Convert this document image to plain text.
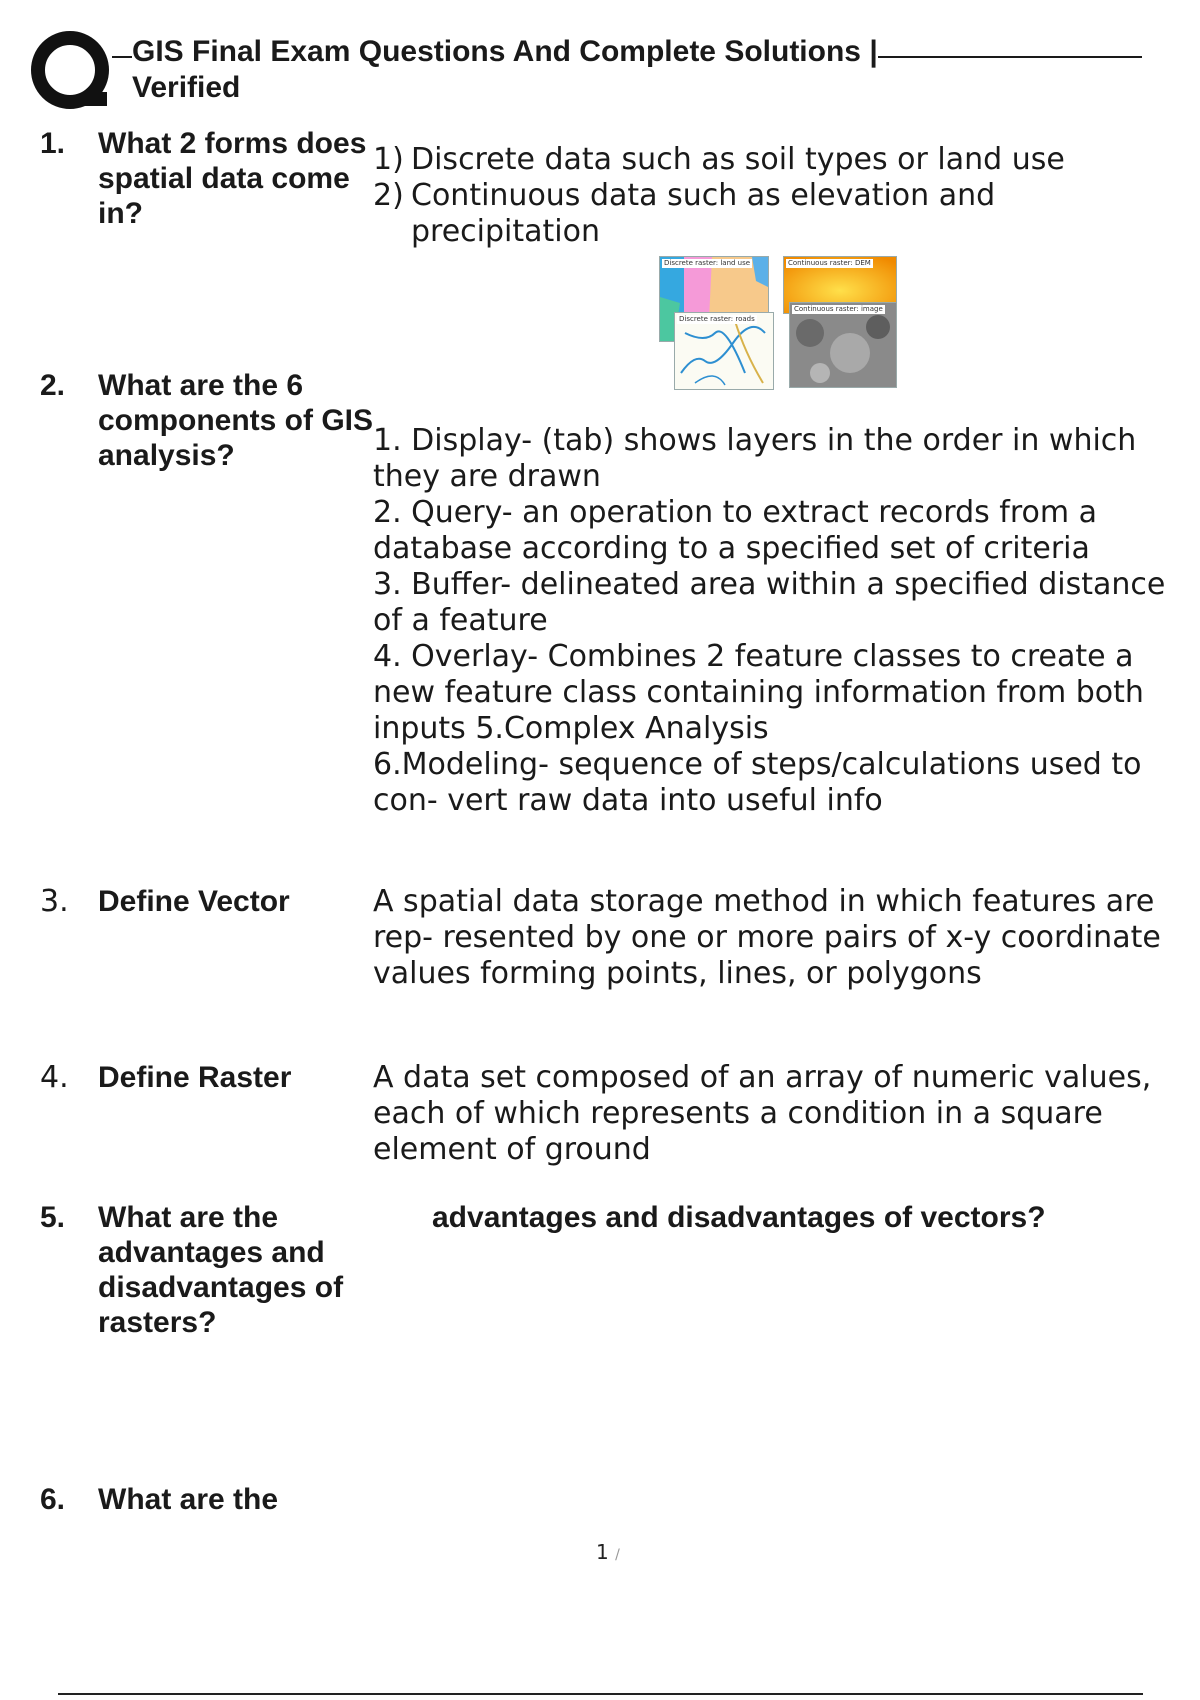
GIS Final Exam Questions And Complete Solutions | Verified
1. What 2 forms does spatial data come in?
1) Discrete data such as soil types or land use
2) Continuous data such as elevation and precipitation
Discrete raster: land use	Continuous raster: DEM
Discrete raster: roads
Continuous raster: image
2. What are the 6 components of GIS analysis?	1. Display- (tab) shows layers in the order in which they are drawn

2. Query- an operation to extract records from a database according to a specified set of criteria

3. Buffer- delineated area within a specified distance of a feature

4. Overlay- Combines 2 feature classes to create a new feature class containing information from both inputs 5.Complex Analysis

6.Modeling- sequence of steps/calculations used to con- vert raw data into useful info

3. Define Vector	A spatial data storage method in which features are rep- resented by one or more pairs of x-y coordinate values forming points, lines, or polygons
4. Define Raster	A data set composed of an array of numeric values, each of which represents a condition in a square element of ground
5. What are the advantages and disadvantages of rasters?
advantages and disadvantages of vectors?
6. What are the
1 /
